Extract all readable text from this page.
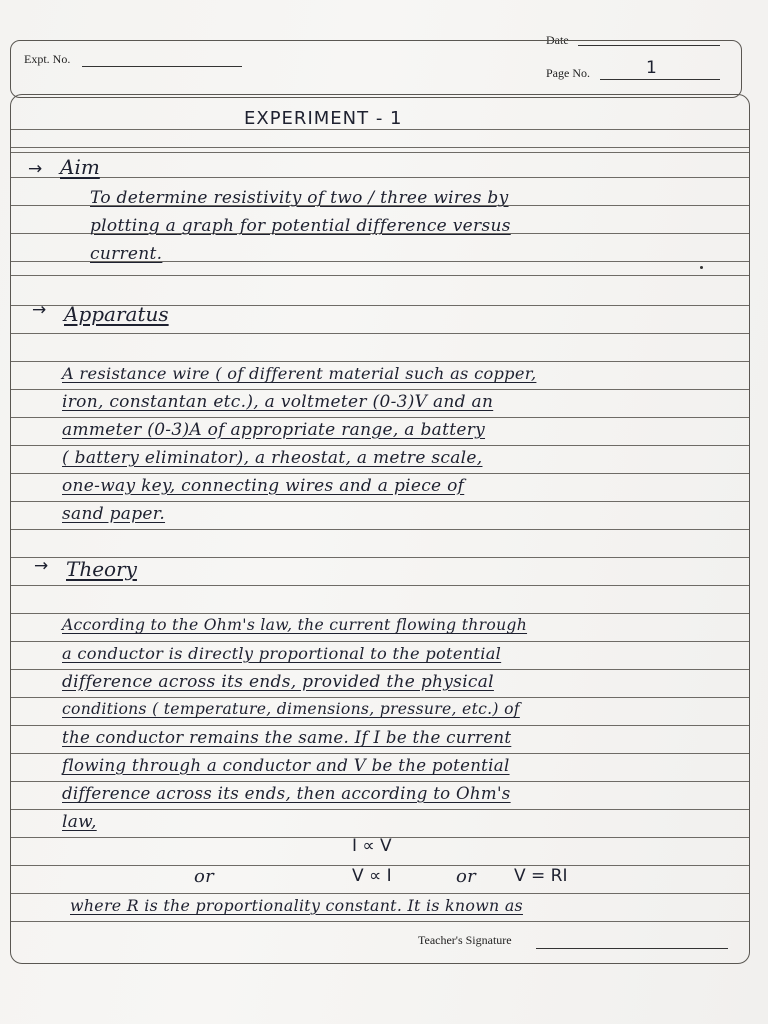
Date
Expt. No.
Page No.	1
EXPERIMENT - 1
→ Aim
To determine resistivity of two / three wires by
plotting a graph for potential difference versus
current.
→ Apparatus
A resistance wire ( of different material such as copper,
iron, constantan etc.), a voltmeter (0-3)V and an
ammeter (0-3)A of appropriate range, a battery
( battery eliminator), a rheostat, a metre scale,
one-way key, connecting wires and a piece of
sand paper.
→ Theory
According to the Ohm's law, the current flowing through
a conductor is directly proportional to the potential
difference across its ends, provided the physical
conditions ( temperature, dimensions, pressure, etc.) of
the conductor remains the same. If I be the current
flowing through a conductor and V be the potential
difference across its ends, then according to Ohm's
law,
I ∝ V
or	V ∝ I	or V = RI
where R is the proportionality constant. It is known as
Teacher's Signature
